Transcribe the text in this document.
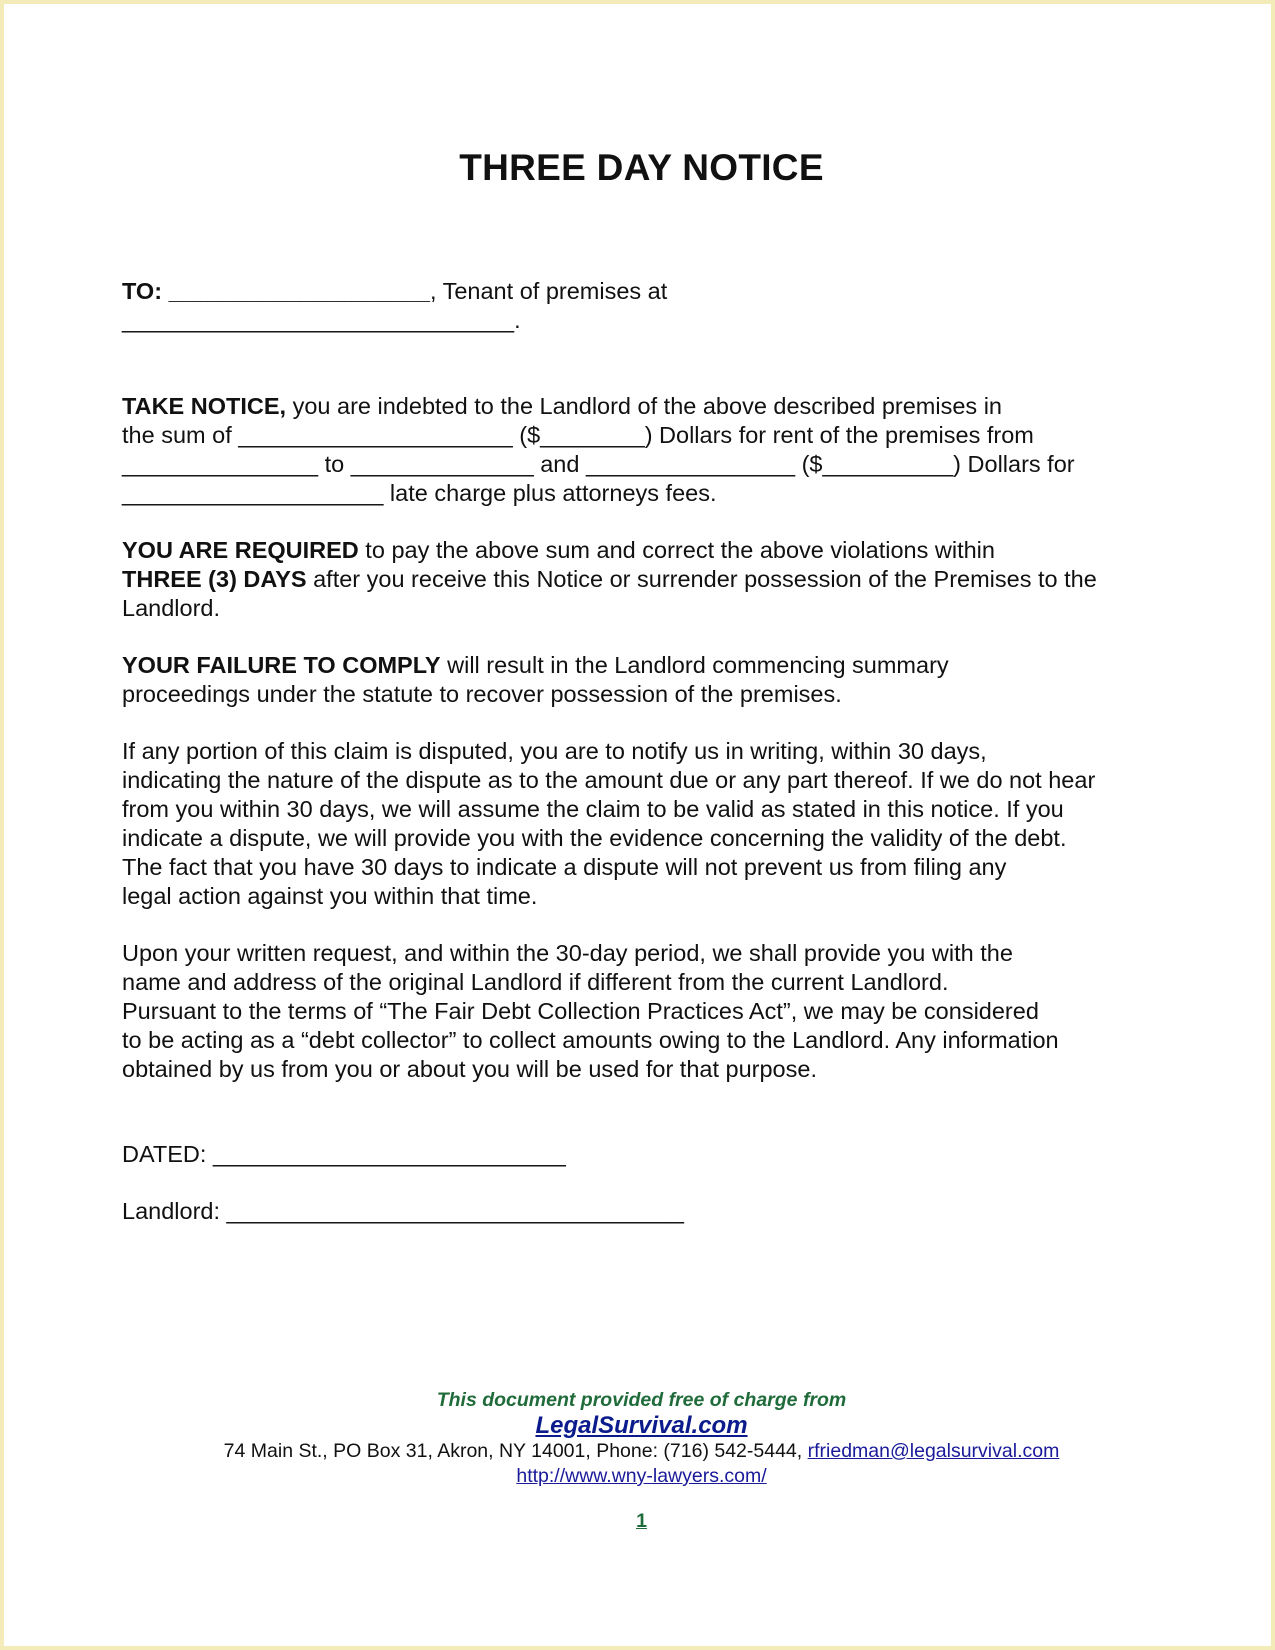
THREE DAY NOTICE

TO: ____________________, Tenant of premises at

______________________________.

TAKE NOTICE, you are indebted to the Landlord of the above described premises in

the sum of _____________________ ($________) Dollars for rent of the premises from

_______________ to ______________ and ________________ ($__________) Dollars for

____________________ late charge plus attorneys fees.

YOU ARE REQUIRED to pay the above sum and correct the above violations within

THREE (3) DAYS after you receive this Notice or surrender possession of the Premises to the

Landlord.

YOUR FAILURE TO COMPLY will result in the Landlord commencing summary

proceedings under the statute to recover possession of the premises.

If any portion of this claim is disputed, you are to notify us in writing, within 30 days,

indicating the nature of the dispute as to the amount due or any part thereof. If we do not hear

from you within 30 days, we will assume the claim to be valid as stated in this notice. If you

indicate a dispute, we will provide you with the evidence concerning the validity of the debt.

The fact that you have 30 days to indicate a dispute will not prevent us from filing any

legal action against you within that time.

Upon your written request, and within the 30-day period, we shall provide you with the

name and address of the original Landlord if different from the current Landlord.

Pursuant to the terms of “The Fair Debt Collection Practices Act”, we may be considered

to be acting as a “debt collector” to collect amounts owing to the Landlord. Any information

obtained by us from you or about you will be used for that purpose.

DATED: ___________________________

Landlord: ___________________________________

This document provided free of charge from
LegalSurvival.com
74 Main St., PO Box 31, Akron, NY 14001, Phone: (716) 542-5444, rfriedman@legalsurvival.com
http://www.wny-lawyers.com/
1
